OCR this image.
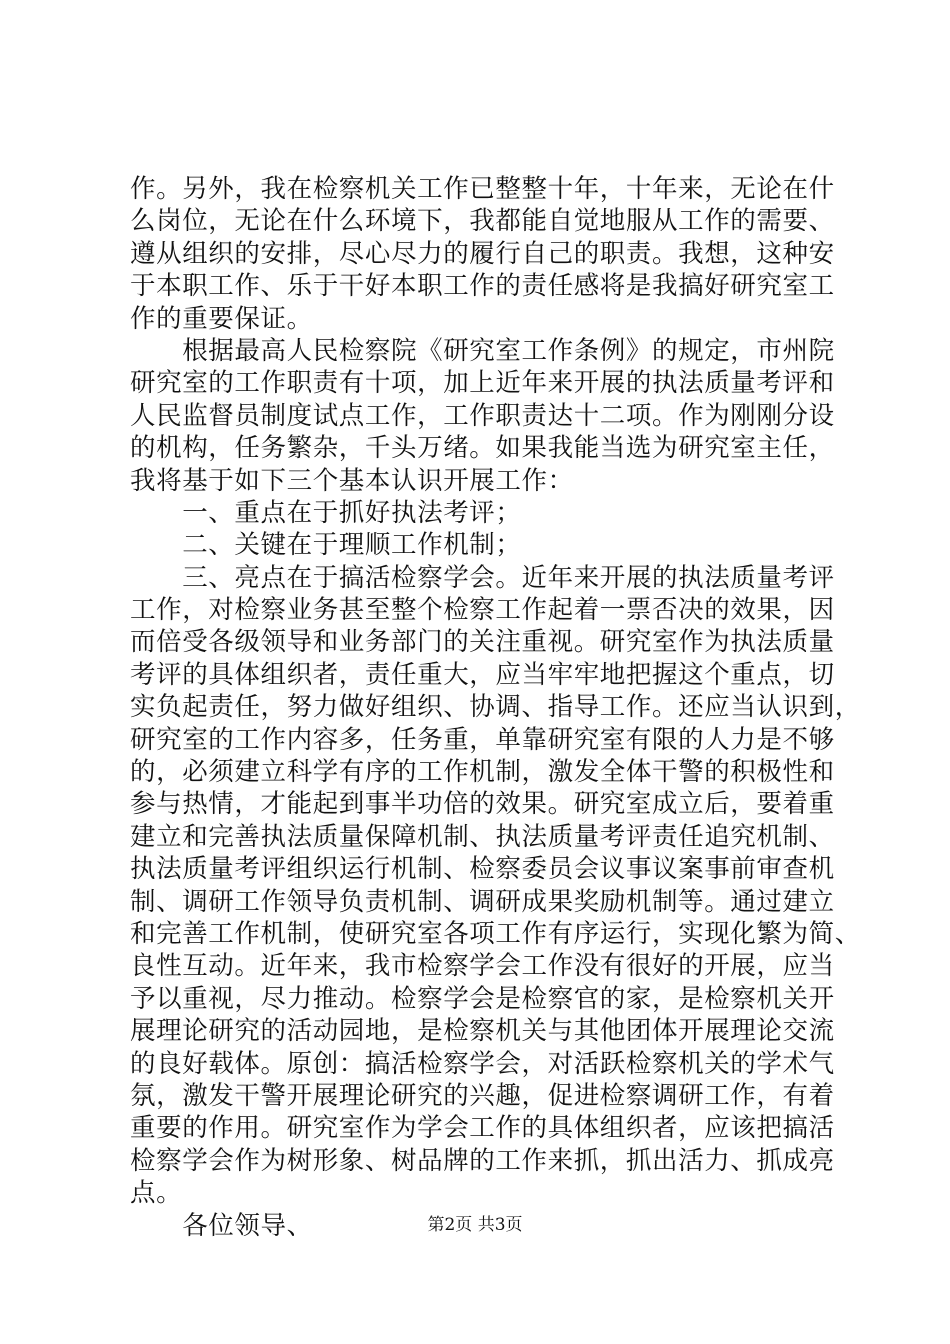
作。另外，我在检察机关工作已整整十年，十年来，无论在什
么岗位，无论在什么环境下，我都能自觉地服从工作的需要、
遵从组织的安排，尽心尽力的履行自己的职责。我想，这种安
于本职工作、乐于干好本职工作的责任感将是我搞好研究室工
作的重要保证。
　　根据最高人民检察院《研究室工作条例》的规定，市州院
研究室的工作职责有十项，加上近年来开展的执法质量考评和
人民监督员制度试点工作，工作职责达十二项。作为刚刚分设
的机构，任务繁杂，千头万绪。如果我能当选为研究室主任，
我将基于如下三个基本认识开展工作：
　　一、重点在于抓好执法考评；
　　二、关键在于理顺工作机制；
　　三、亮点在于搞活检察学会。近年来开展的执法质量考评
工作，对检察业务甚至整个检察工作起着一票否决的效果，因
而倍受各级领导和业务部门的关注重视。研究室作为执法质量
考评的具体组织者，责任重大，应当牢牢地把握这个重点，切
实负起责任，努力做好组织、协调、指导工作。还应当认识到，
研究室的工作内容多，任务重，单靠研究室有限的人力是不够
的，必须建立科学有序的工作机制，激发全体干警的积极性和
参与热情，才能起到事半功倍的效果。研究室成立后，要着重
建立和完善执法质量保障机制、执法质量考评责任追究机制、
执法质量考评组织运行机制、检察委员会议事议案事前审查机
制、调研工作领导负责机制、调研成果奖励机制等。通过建立
和完善工作机制，使研究室各项工作有序运行，实现化繁为简、
良性互动。近年来，我市检察学会工作没有很好的开展，应当
予以重视，尽力推动。检察学会是检察官的家，是检察机关开
展理论研究的活动园地，是检察机关与其他团体开展理论交流
的良好载体。原创：搞活检察学会，对活跃检察机关的学术气
氛，激发干警开展理论研究的兴趣，促进检察调研工作，有着
重要的作用。研究室作为学会工作的具体组织者，应该把搞活
检察学会作为树形象、树品牌的工作来抓，抓出活力、抓成亮
点。
　　各位领导、	第2页 共3页
